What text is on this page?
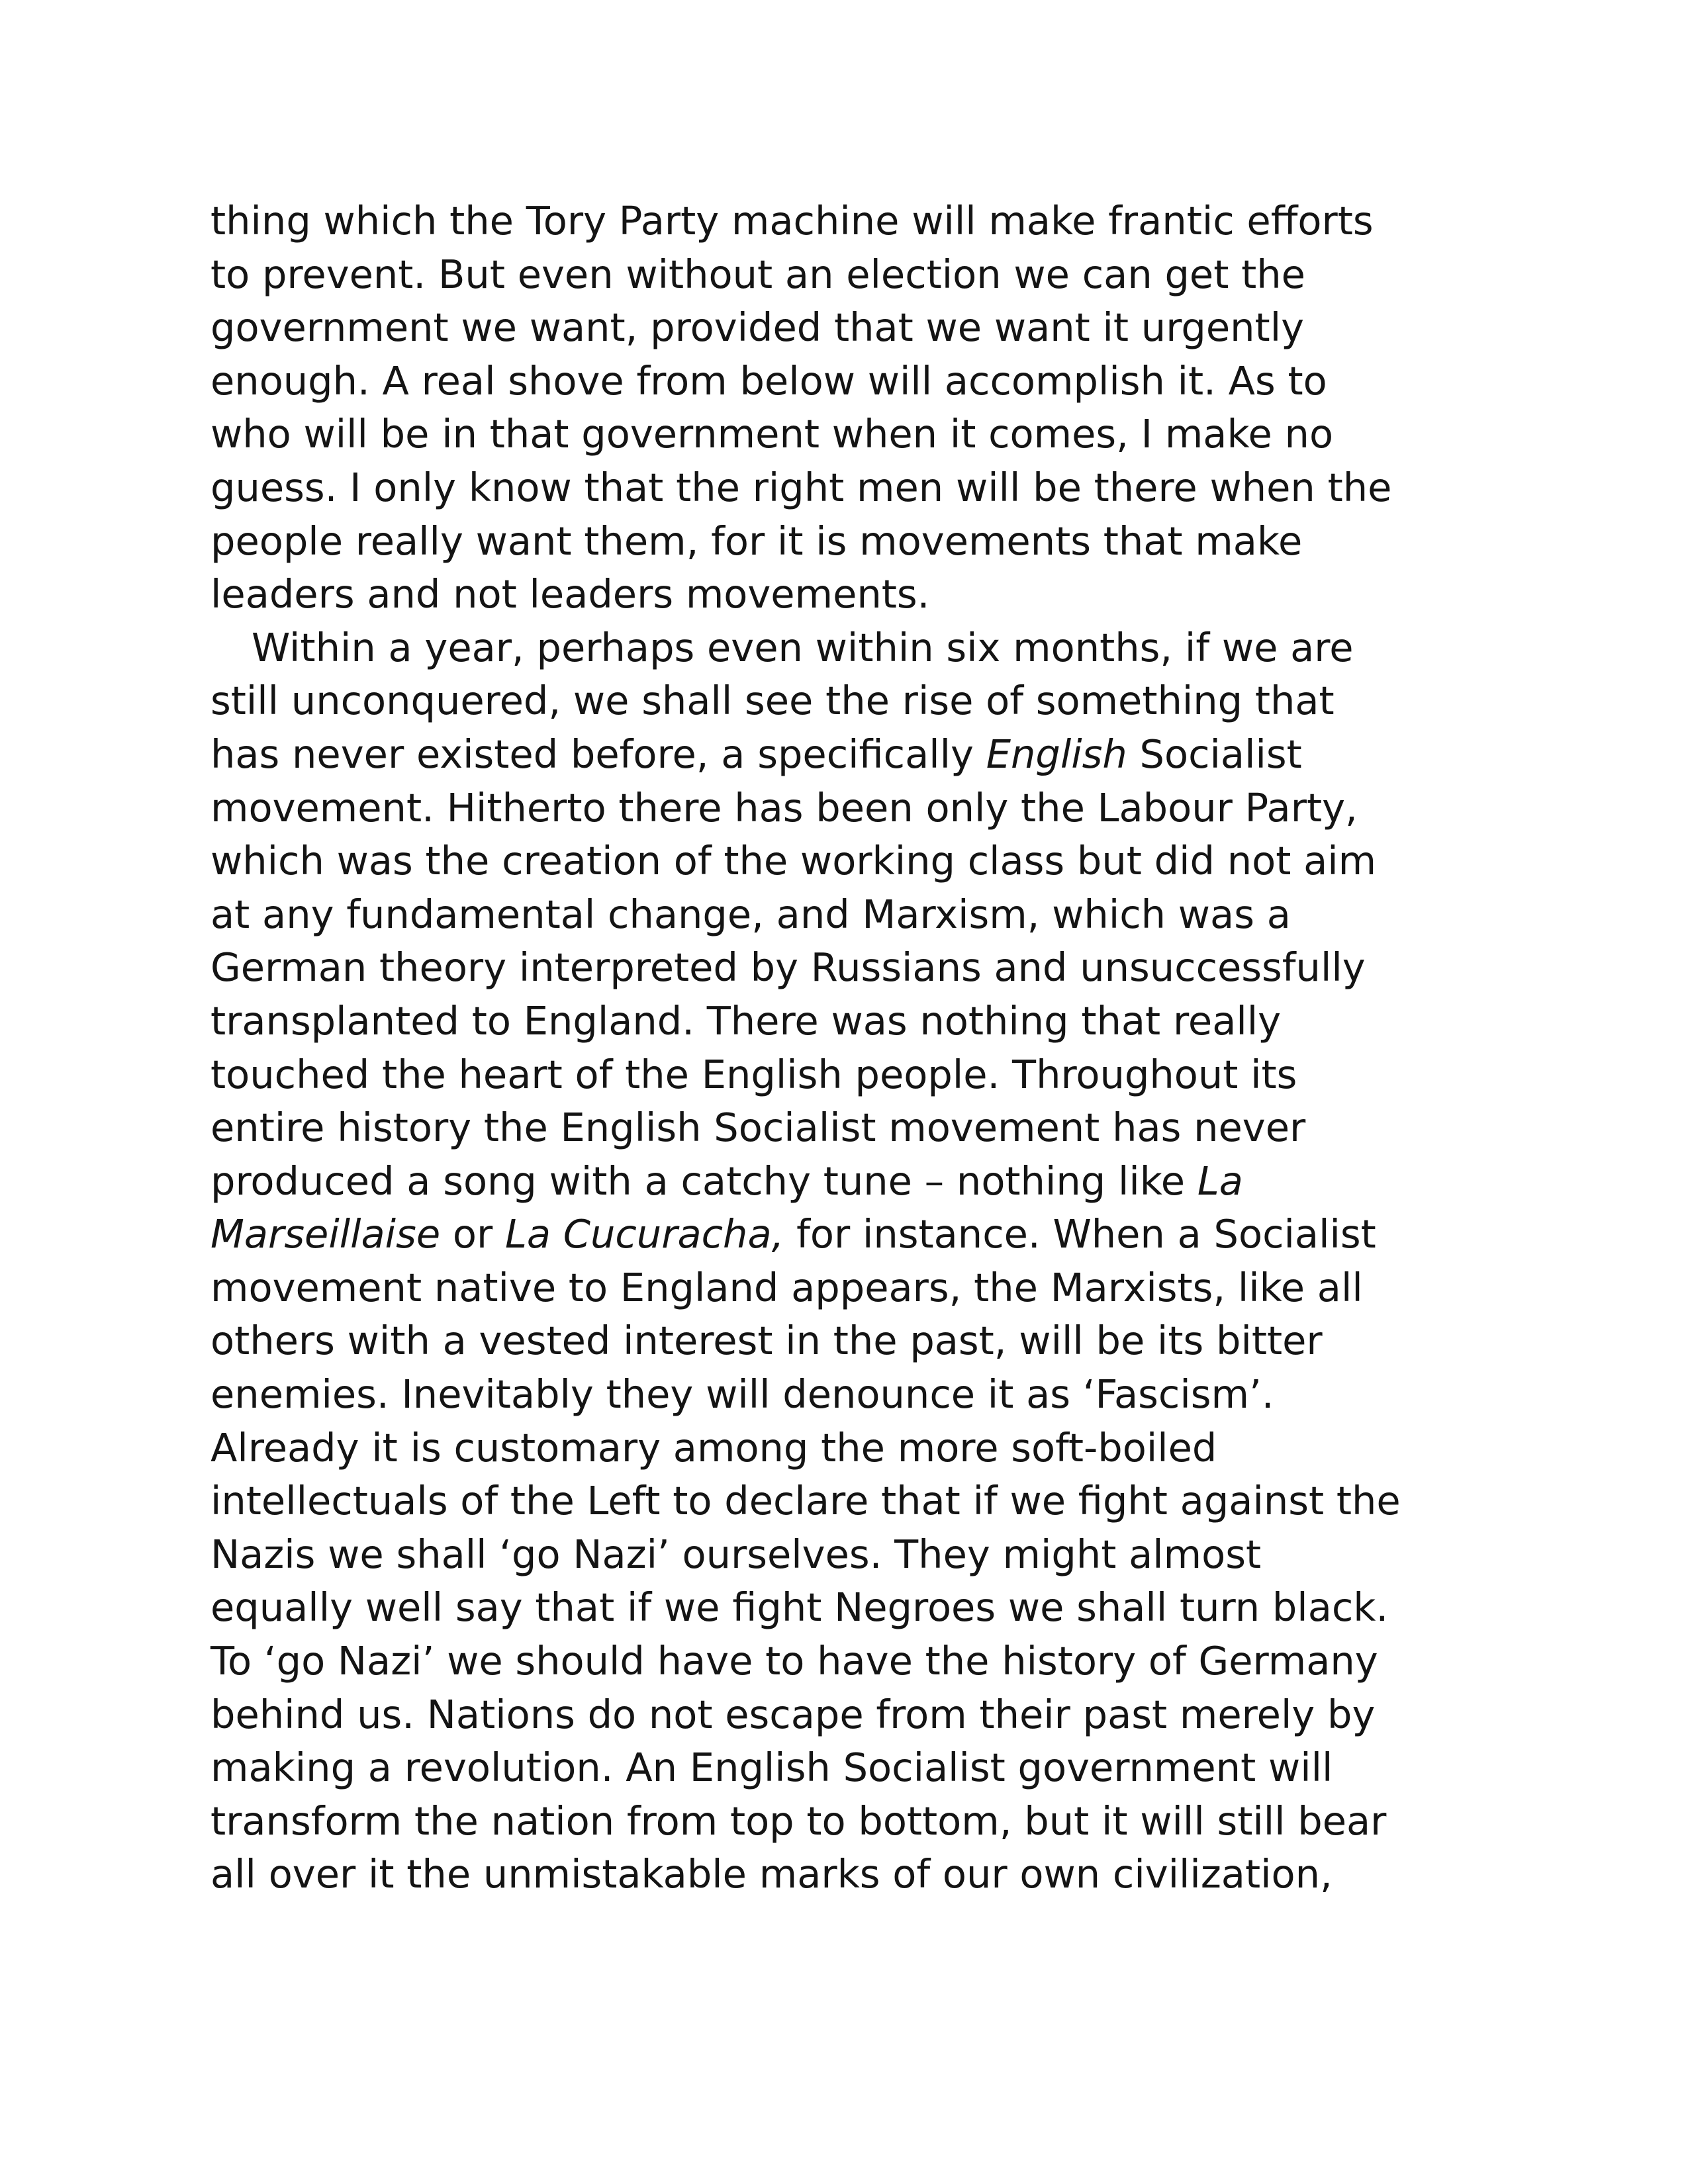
thing which the Tory Party machine will make frantic efforts
to prevent. But even without an election we can get the
government we want, provided that we want it urgently
enough. A real shove from below will accomplish it. As to
who will be in that government when it comes, I make no
guess. I only know that the right men will be there when the
people really want them, for it is movements that make
leaders and not leaders movements.
Within a year, perhaps even within six months, if we are
still unconquered, we shall see the rise of something that
has never existed before, a specifically English Socialist
movement. Hitherto there has been only the Labour Party,
which was the creation of the working class but did not aim
at any fundamental change, and Marxism, which was a
German theory interpreted by Russians and unsuccessfully
transplanted to England. There was nothing that really
touched the heart of the English people. Throughout its
entire history the English Socialist movement has never
produced a song with a catchy tune – nothing like La
Marseillaise or La Cucuracha, for instance. When a Socialist
movement native to England appears, the Marxists, like all
others with a vested interest in the past, will be its bitter
enemies. Inevitably they will denounce it as ‘Fascism’.
Already it is customary among the more soft-boiled
intellectuals of the Left to declare that if we fight against the
Nazis we shall ‘go Nazi’ ourselves. They might almost
equally well say that if we fight Negroes we shall turn black.
To ‘go Nazi’ we should have to have the history of Germany
behind us. Nations do not escape from their past merely by
making a revolution. An English Socialist government will
transform the nation from top to bottom, but it will still bear
all over it the unmistakable marks of our own civilization,
